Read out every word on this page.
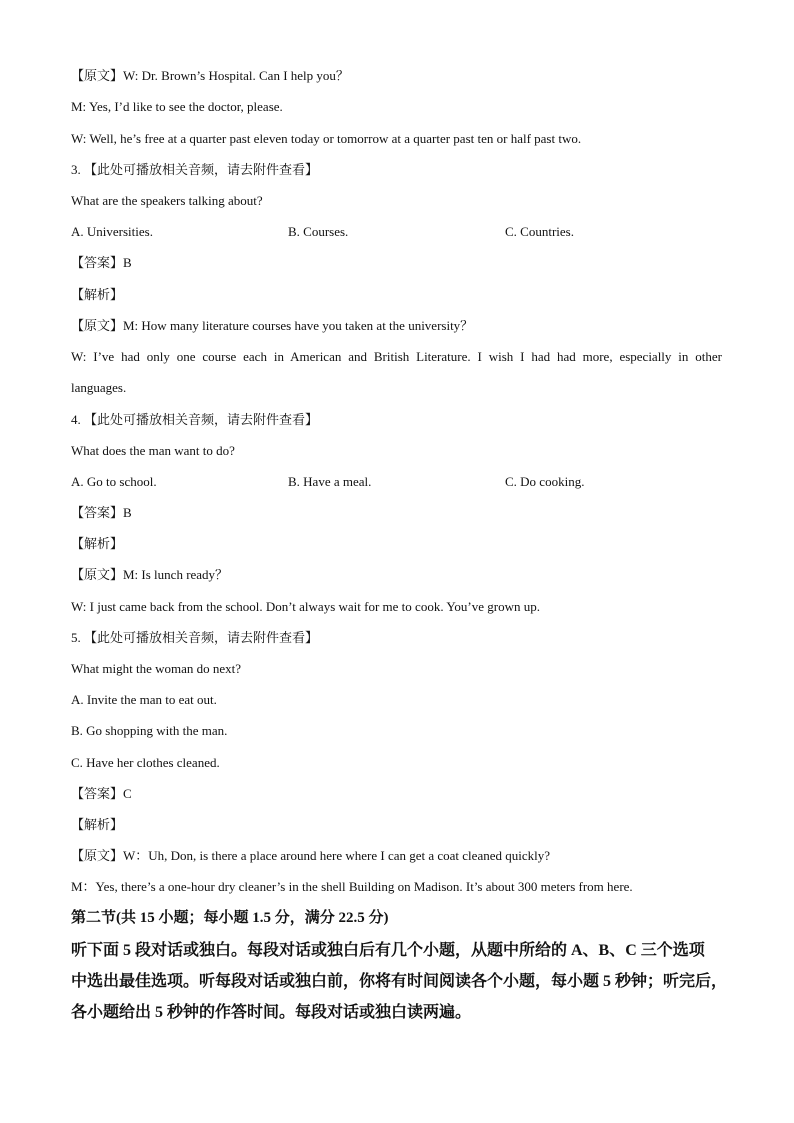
【原文】W: Dr. Brown’s Hospital. Can I help you？
M: Yes, I’d like to see the doctor, please.
W: Well, he’s free at a quarter past eleven today or tomorrow at a quarter past ten or half past two.
3. 【此处可播放相关音频，请去附件查看】
What are the speakers talking about?
A. Universities.	B. Courses.	C. Countries.
【答案】B
【解析】
【原文】M: How many literature courses have you taken at the university？
W: I’ve had only one course each in American and British Literature. I wish I had had more, especially in other
languages.
4. 【此处可播放相关音频，请去附件查看】
What does the man want to do?
A. Go to school.	B. Have a meal.	C. Do cooking.
【答案】B
【解析】
【原文】M: Is lunch ready？
W: I just came back from the school. Don’t always wait for me to cook. You’ve grown up.
5. 【此处可播放相关音频，请去附件查看】
What might the woman do next?
A. Invite the man to eat out.
B. Go shopping with the man.
C. Have her clothes cleaned.
【答案】C
【解析】
【原文】W：Uh, Don, is there a place around here where I can get a coat cleaned quickly?
M：Yes, there’s a one-hour dry cleaner’s in the shell Building on Madison. It’s about 300 meters from here.
第二节(共 15 小题；每小题 1.5 分，满分 22.5 分)
听下面 5 段对话或独白。每段对话或独白后有几个小题，从题中所给的 A、B、C 三个选项
中选出最佳选项。听每段对话或独白前，你将有时间阅读各个小题，每小题 5 秒钟；听完后，
各小题给出 5 秒钟的作答时间。每段对话或独白读两遍。
